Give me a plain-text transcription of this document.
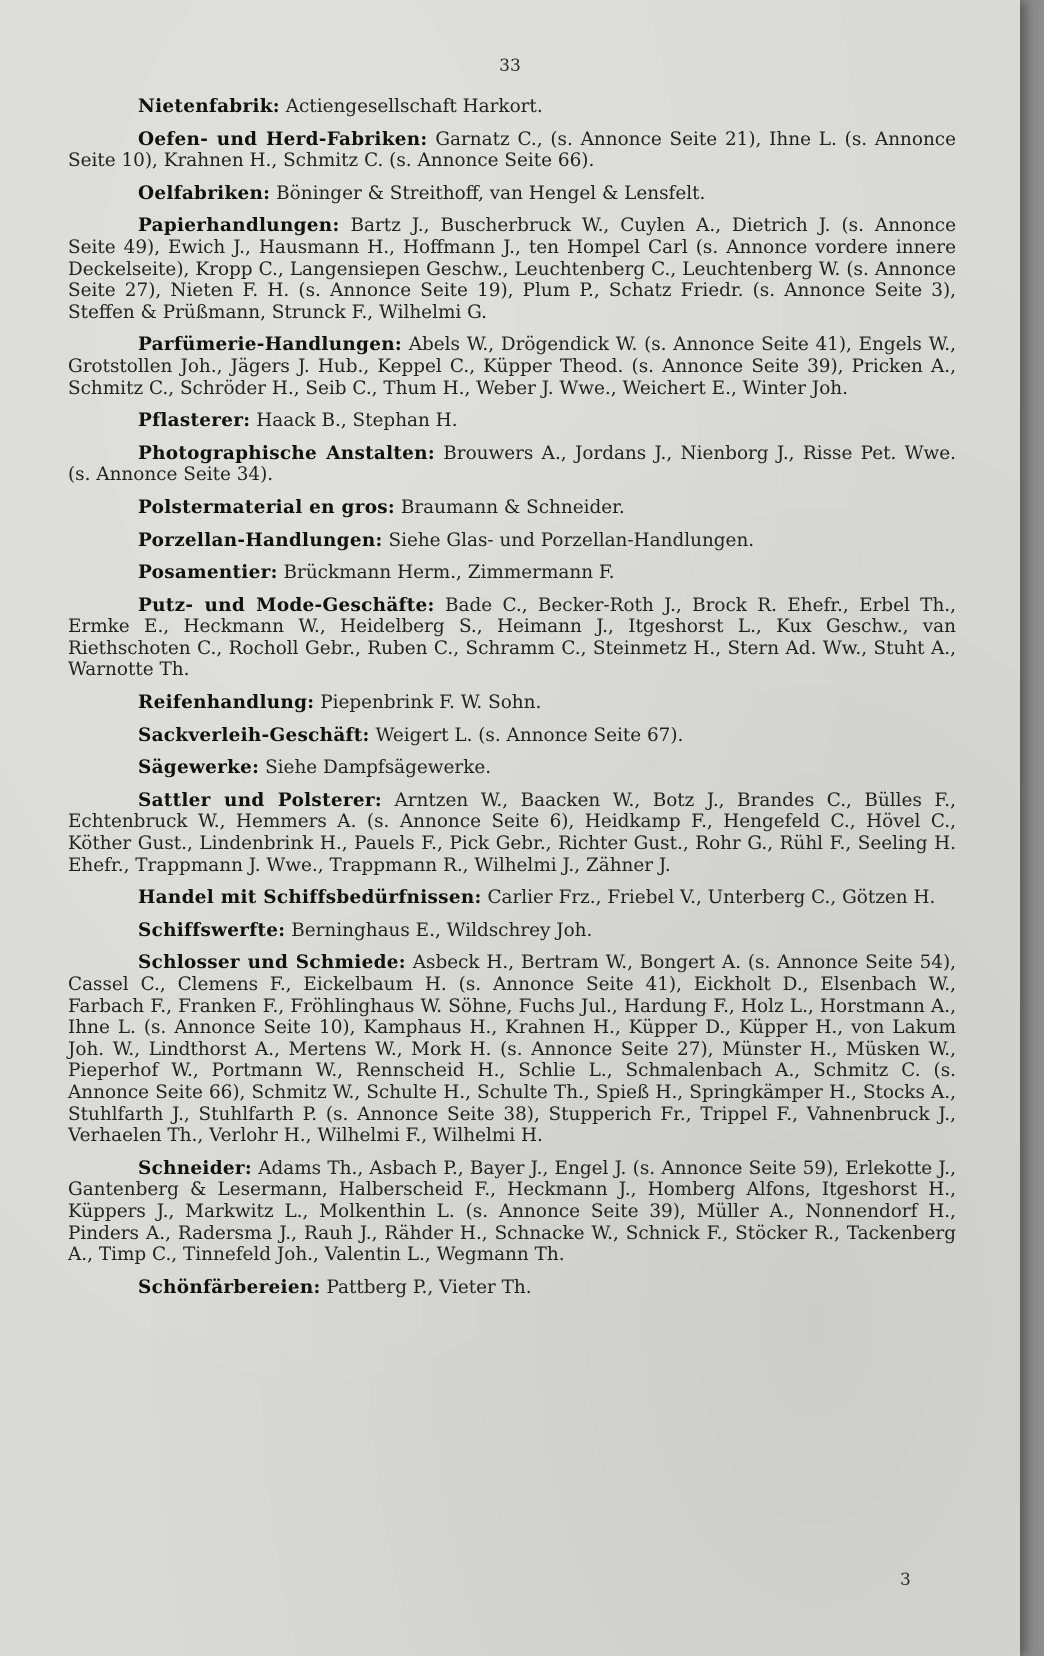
33

Nietenfabrik: Actiengesellschaft Harkort.

Oefen- und Herd-Fabriken: Garnatz C., (s. Annonce Seite 21), Ihne L. (s. Annonce Seite 10), Krahnen H., Schmitz C. (s. Annonce Seite 66).

Oelfabriken: Böninger & Streithoff, van Hengel & Lensfelt.

Papierhandlungen: Bartz J., Buscherbruck W., Cuylen A., Dietrich J. (s. Annonce Seite 49), Ewich J., Hausmann H., Hoffmann J., ten Hompel Carl (s. Annonce vordere innere Deckelseite), Kropp C., Langensiepen Geschw., Leuchtenberg C., Leuchtenberg W. (s. Annonce Seite 27), Nieten F. H. (s. Annonce Seite 19), Plum P., Schatz Friedr. (s. Annonce Seite 3), Steffen & Prüßmann, Strunck F., Wilhelmi G.

Parfümerie-Handlungen: Abels W., Drögendick W. (s. Annonce Seite 41), Engels W., Grotstollen Joh., Jägers J. Hub., Keppel C., Küpper Theod. (s. Annonce Seite 39), Pricken A., Schmitz C., Schröder H., Seib C., Thum H., Weber J. Wwe., Weichert E., Winter Joh.

Pflasterer: Haack B., Stephan H.

Photographische Anstalten: Brouwers A., Jordans J., Nienborg J., Risse Pet. Wwe. (s. Annonce Seite 34).

Polstermaterial en gros: Braumann & Schneider.

Porzellan-Handlungen: Siehe Glas- und Porzellan-Handlungen.

Posamentier: Brückmann Herm., Zimmermann F.

Putz- und Mode-Geschäfte: Bade C., Becker-Roth J., Brock R. Ehefr., Erbel Th., Ermke E., Heckmann W., Heidelberg S., Heimann J., Itgeshorst L., Kux Geschw., van Riethschoten C., Rocholl Gebr., Ruben C., Schramm C., Steinmetz H., Stern Ad. Ww., Stuht A., Warnotte Th.

Reifenhandlung: Piepenbrink F. W. Sohn.

Sackverleih-Geschäft: Weigert L. (s. Annonce Seite 67).

Sägewerke: Siehe Dampfsägewerke.

Sattler und Polsterer: Arntzen W., Baacken W., Botz J., Brandes C., Bülles F., Echtenbruck W., Hemmers A. (s. Annonce Seite 6), Heidkamp F., Hengefeld C., Hövel C., Köther Gust., Lindenbrink H., Pauels F., Pick Gebr., Richter Gust., Rohr G., Rühl F., Seeling H. Ehefr., Trappmann J. Wwe., Trappmann R., Wilhelmi J., Zähner J.

Handel mit Schiffsbedürfnissen: Carlier Frz., Friebel V., Unterberg C., Götzen H.

Schiffswerfte: Berninghaus E., Wildschrey Joh.

Schlosser und Schmiede: Asbeck H., Bertram W., Bongert A. (s. Annonce Seite 54), Cassel C., Clemens F., Eickelbaum H. (s. Annonce Seite 41), Eickholt D., Elsenbach W., Farbach F., Franken F., Fröhlinghaus W. Söhne, Fuchs Jul., Hardung F., Holz L., Horstmann A., Ihne L. (s. Annonce Seite 10), Kamphaus H., Krahnen H., Küpper D., Küpper H., von Lakum Joh. W., Lindthorst A., Mertens W., Mork H. (s. Annonce Seite 27), Münster H., Müsken W., Pieperhof W., Portmann W., Rennscheid H., Schlie L., Schmalenbach A., Schmitz C. (s. Annonce Seite 66), Schmitz W., Schulte H., Schulte Th., Spieß H., Springkämper H., Stocks A., Stuhlfarth J., Stuhlfarth P. (s. Annonce Seite 38), Stupperich Fr., Trippel F., Vahnenbruck J., Verhaelen Th., Verlohr H., Wilhelmi F., Wilhelmi H.

Schneider: Adams Th., Asbach P., Bayer J., Engel J. (s. Annonce Seite 59), Erlekotte J., Gantenberg & Lesermann, Halberscheid F., Heckmann J., Homberg Alfons, Itgeshorst H., Küppers J., Markwitz L., Molkenthin L. (s. Annonce Seite 39), Müller A., Nonnendorf H., Pinders A., Radersma J., Rauh J., Rähder H., Schnacke W., Schnick F., Stöcker R., Tackenberg A., Timp C., Tinnefeld Joh., Valentin L., Wegmann Th.

Schönfärbereien: Pattberg P., Vieter Th.

3
